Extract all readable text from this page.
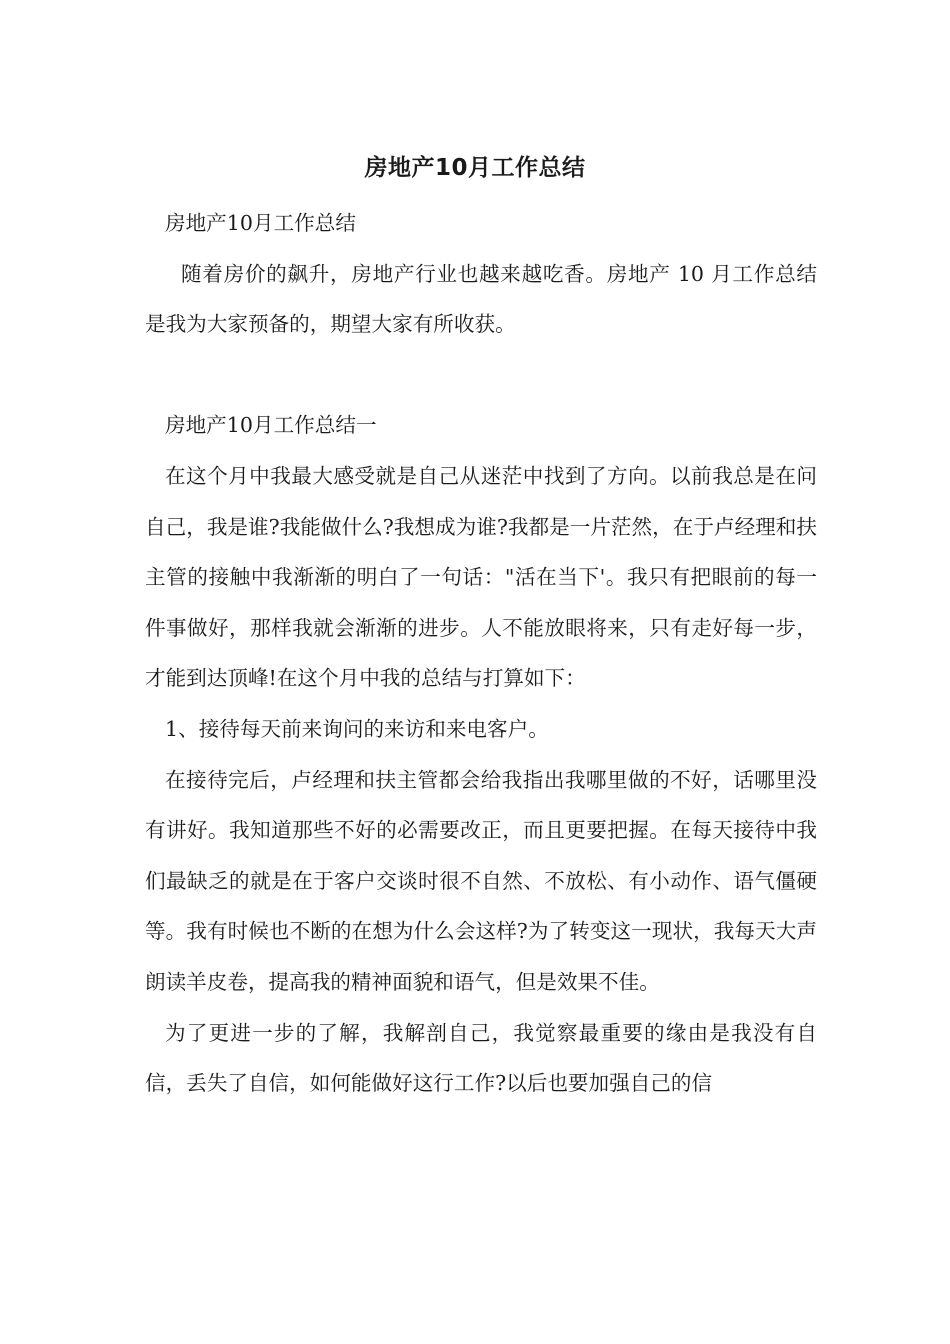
房地产10月工作总结

房地产10月工作总结

随着房价的飙升，房地产行业也越来越吃香。房地产 10 月工作总结是我为大家预备的，期望大家有所收获。

房地产10月工作总结一

在这个月中我最大感受就是自己从迷茫中找到了方向。以前我总是在问自己，我是谁?我能做什么?我想成为谁?我都是一片茫然，在于卢经理和扶主管的接触中我渐渐的明白了一句话："活在当下'。我只有把眼前的每一件事做好，那样我就会渐渐的进步。人不能放眼将来，只有走好每一步，才能到达顶峰!在这个月中我的总结与打算如下：

1、接待每天前来询问的来访和来电客户。

在接待完后，卢经理和扶主管都会给我指出我哪里做的不好，话哪里没有讲好。我知道那些不好的必需要改正，而且更要把握。在每天接待中我们最缺乏的就是在于客户交谈时很不自然、不放松、有小动作、语气僵硬等。我有时候也不断的在想为什么会这样?为了转变这一现状，我每天大声朗读羊皮卷，提高我的精神面貌和语气，但是效果不佳。

为了更进一步的了解，我解剖自己，我觉察最重要的缘由是我没有自信，丢失了自信，如何能做好这行工作?以后也要加强自己的信
